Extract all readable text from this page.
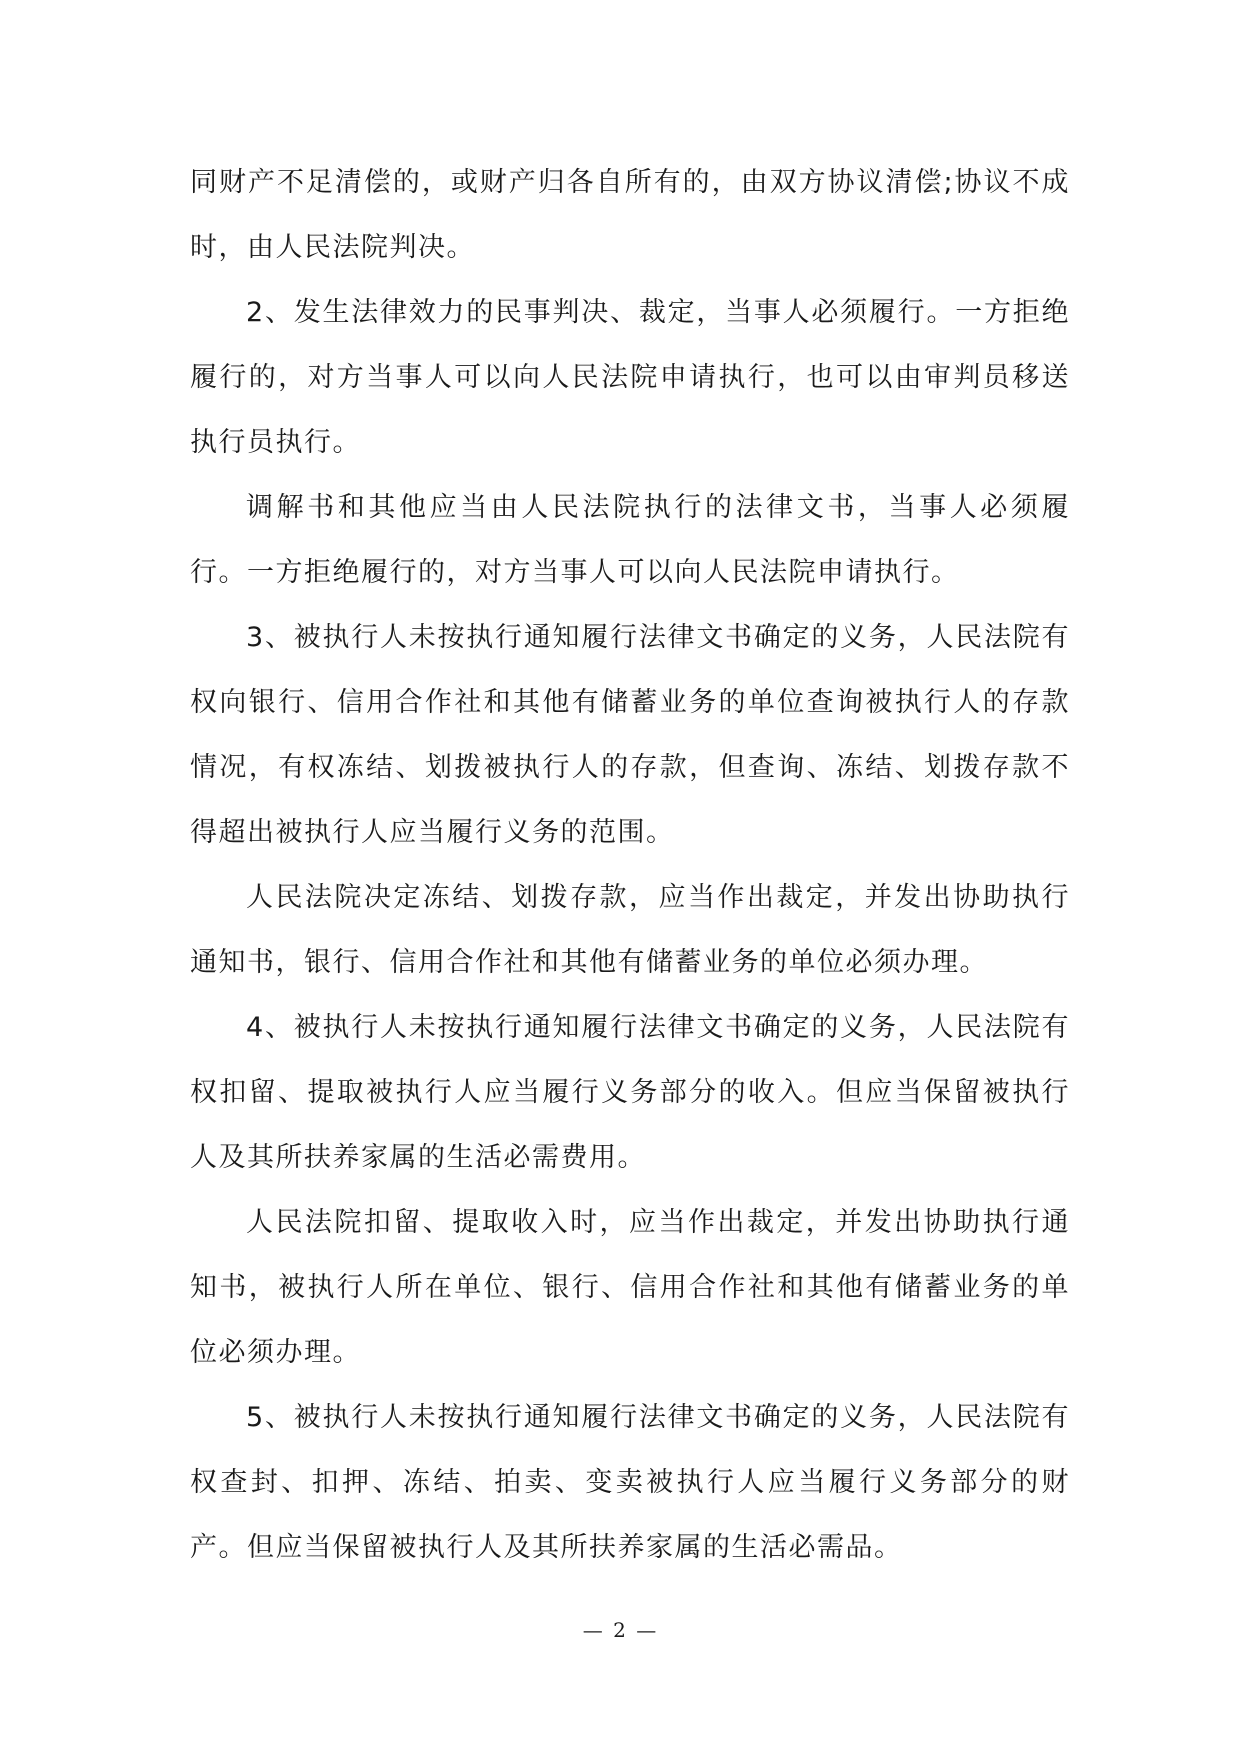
同财产不足清偿的，或财产归各自所有的，由双方协议清偿;协议不成时，由人民法院判决。

2、发生法律效力的民事判决、裁定，当事人必须履行。一方拒绝履行的，对方当事人可以向人民法院申请执行，也可以由审判员移送执行员执行。

调解书和其他应当由人民法院执行的法律文书，当事人必须履行。一方拒绝履行的，对方当事人可以向人民法院申请执行。

3、被执行人未按执行通知履行法律文书确定的义务，人民法院有权向银行、信用合作社和其他有储蓄业务的单位查询被执行人的存款情况，有权冻结、划拨被执行人的存款，但查询、冻结、划拨存款不得超出被执行人应当履行义务的范围。

人民法院决定冻结、划拨存款，应当作出裁定，并发出协助执行通知书，银行、信用合作社和其他有储蓄业务的单位必须办理。

4、被执行人未按执行通知履行法律文书确定的义务，人民法院有权扣留、提取被执行人应当履行义务部分的收入。但应当保留被执行人及其所扶养家属的生活必需费用。

人民法院扣留、提取收入时，应当作出裁定，并发出协助执行通知书，被执行人所在单位、银行、信用合作社和其他有储蓄业务的单位必须办理。

5、被执行人未按执行通知履行法律文书确定的义务，人民法院有权查封、扣押、冻结、拍卖、变卖被执行人应当履行义务部分的财产。但应当保留被执行人及其所扶养家属的生活必需品。

— 2 —
